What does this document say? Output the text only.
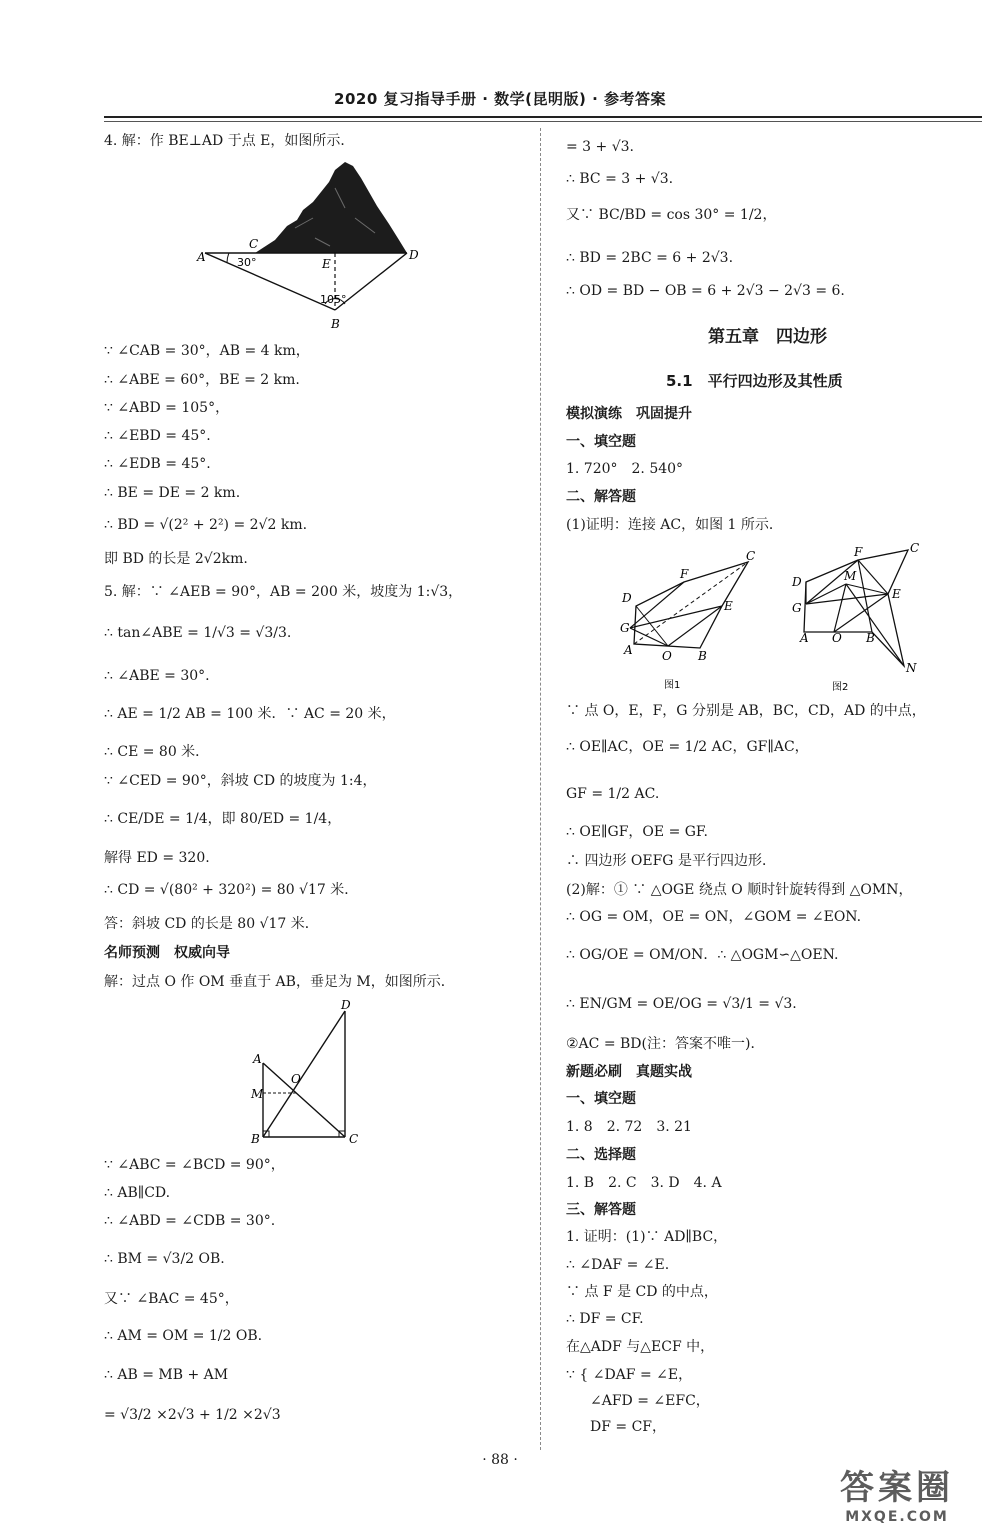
2020 复习指导手册 · 数学(昆明版) · 参考答案
4. 解：作 BE⊥AD 于点 E，如图所示．
A
C
30°	E
D
105°
B
∵ ∠CAB = 30°，AB = 4 km，
∴ ∠ABE = 60°，BE = 2 km.
∵ ∠ABD = 105°，
∴ ∠EBD = 45°.
∴ ∠EDB = 45°.
∴ BE = DE = 2 km.
∴ BD = √(2² + 2²) = 2√2 km.
即 BD 的长是 2√2km.
5. 解：∵ ∠AEB = 90°，AB = 200 米，坡度为 1:√3，
∴ tan∠ABE = 1/√3 = √3/3.
∴ ∠ABE = 30°.
∴ AE = 1/2 AB = 100 米．∵ AC = 20 米，
∴ CE = 80 米．
∵ ∠CED = 90°，斜坡 CD 的坡度为 1:4，
∴ CE/DE = 1/4，即 80/ED = 1/4，
解得 ED = 320.
∴ CD = √(80² + 320²) = 80 √17 米．
答：斜坡 CD 的长是 80 √17 米．
名师预测　权威向导
解：过点 O 作 OM 垂直于 AB，垂足为 M，如图所示．
A
M
O
B	C
D
∵ ∠ABC = ∠BCD = 90°，
∴ AB∥CD.
∴ ∠ABD = ∠CDB = 30°.
∴ BM = √3/2 OB.
又∵ ∠BAC = 45°，
∴ AM = OM = 1/2 OB.
∴ AB = MB + AM
= √3/2 ×2√3 + 1/2 ×2√3
= 3 + √3.
∴ BC = 3 + √3.
又∵ BC/BD = cos 30° = 1/2，
∴ BD = 2BC = 6 + 2√3.
∴ OD = BD − OB = 6 + 2√3 − 2√3 = 6.
第五章　四边形
5.1　平行四边形及其性质
模拟演练　巩固提升
一、填空题
1. 720°　2. 540°
二、解答题
(1)证明：连接 AC，如图 1 所示．
C
F
D
E
G
A O B
图1
F	C
D	M
E
G
A O B
N
图2
∵ 点 O，E，F，G 分别是 AB，BC，CD，AD 的中点，
∴ OE∥AC，OE = 1/2 AC，GF∥AC，
GF = 1/2 AC.
∴ OE∥GF，OE = GF.
∴ 四边形 OEFG 是平行四边形．
(2)解：① ∵ △OGE 绕点 O 顺时针旋转得到 △OMN，
∴ OG = OM，OE = ON，∠GOM = ∠EON.
∴ OG/OE = OM/ON．∴ △OGM∽△OEN.
∴ EN/GM = OE/OG = √3/1 = √3.
②AC = BD(注：答案不唯一)．
新题必刷　真题实战
一、填空题
1. 8　2. 72　3. 21
二、选择题
1. B　2. C　3. D　4. A
三、解答题
1. 证明：(1)∵ AD∥BC，
∴ ∠DAF = ∠E.
∵ 点 F 是 CD 的中点，
∴ DF = CF.
在△ADF 与△ECF 中，
∵ { ∠DAF = ∠E，
∠AFD = ∠EFC，
DF = CF，
· 88 ·
答案圈
MXQE.COM
